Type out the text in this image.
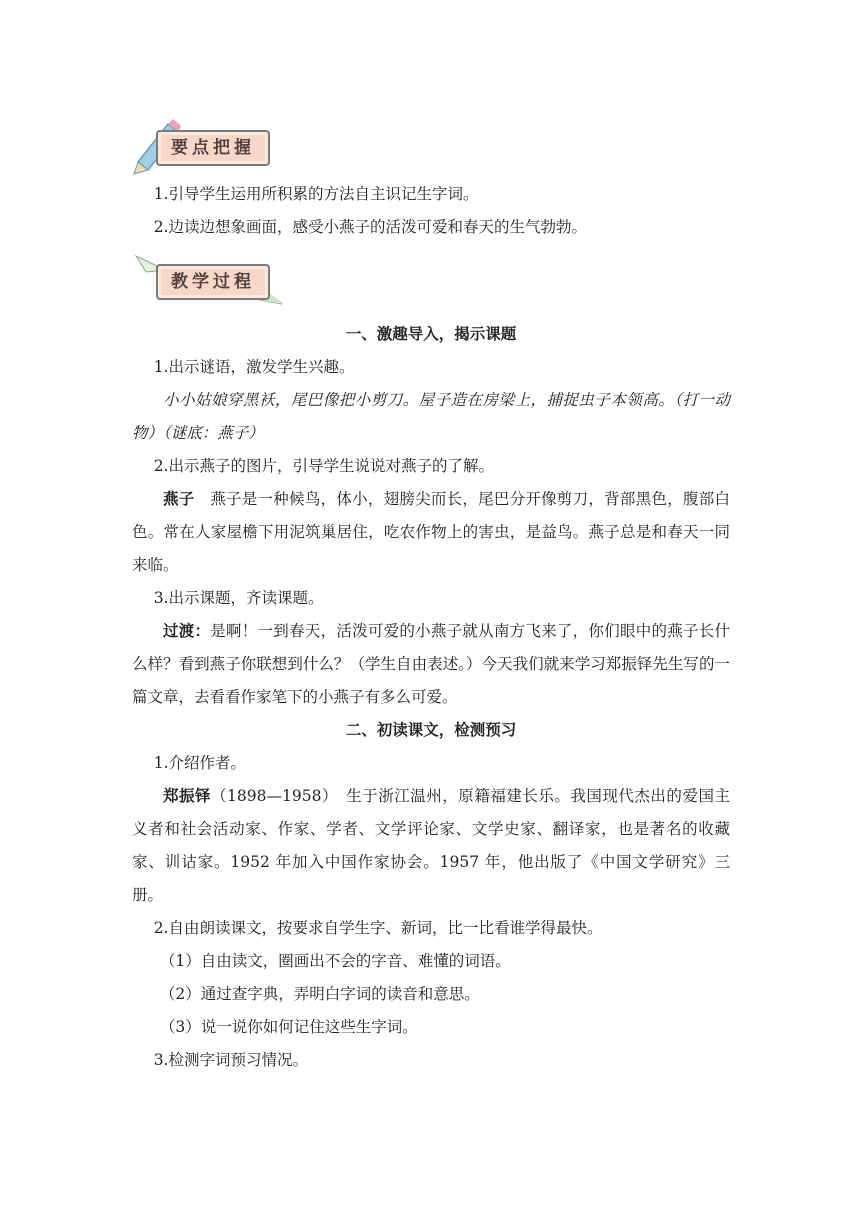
要点把握

1.引导学生运用所积累的方法自主识记生字词。

2.边读边想象画面，感受小燕子的活泼可爱和春天的生气勃勃。

教学过程

一、激趣导入，揭示课题

1.出示谜语，激发学生兴趣。

小小姑娘穿黑袄，尾巴像把小剪刀。屋子造在房梁上，捕捉虫子本领高。（打一动物）（谜底：燕子）

2.出示燕子的图片，引导学生说说对燕子的了解。

燕子　 燕子是一种候鸟，体小，翅膀尖而长，尾巴分开像剪刀，背部黑色，腹部白色。常在人家屋檐下用泥筑巢居住，吃农作物上的害虫，是益鸟。燕子总是和春天一同来临。

3.出示课题，齐读课题。

过渡：是啊！一到春天，活泼可爱的小燕子就从南方飞来了，你们眼中的燕子长什么样？看到燕子你联想到什么？（学生自由表述。）今天我们就来学习郑振铎先生写的一篇文章，去看看作家笔下的小燕子有多么可爱。

二、初读课文，检测预习

1.介绍作者。

郑振铎（1898—1958）　 生于浙江温州，原籍福建长乐。我国现代杰出的爱国主义者和社会活动家、作家、学者、文学评论家、文学史家、翻译家，也是著名的收藏家、训诂家。1952 年加入中国作家协会。1957 年，他出版了《中国文学研究》三册。

2.自由朗读课文，按要求自学生字、新词，比一比看谁学得最快。

（1）自由读文，圈画出不会的字音、难懂的词语。

（2）通过查字典，弄明白字词的读音和意思。

（3）说一说你如何记住这些生字词。

3.检测字词预习情况。
